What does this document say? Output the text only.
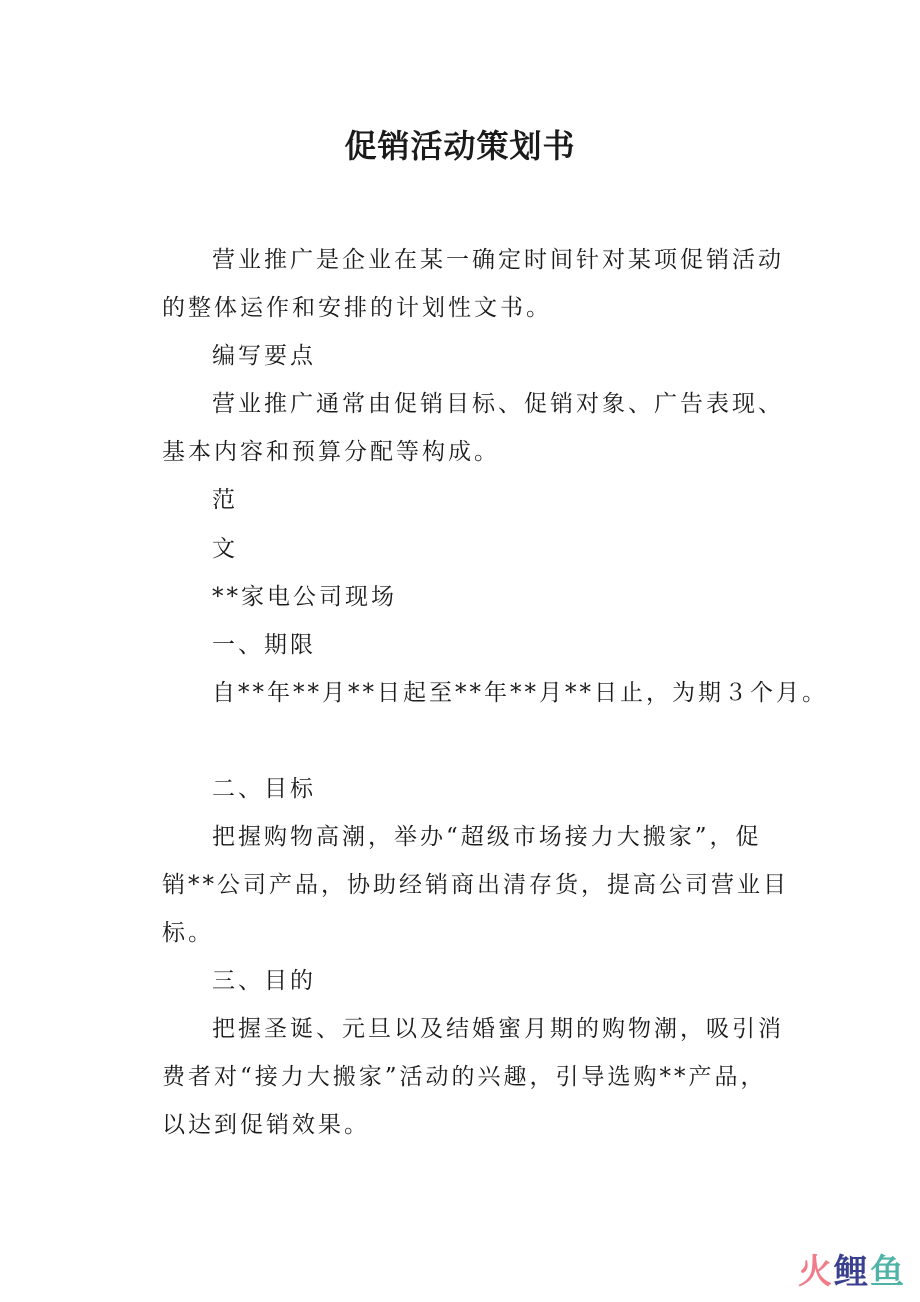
促销活动策划书

营业推广是企业在某一确定时间针对某项促销活动
的整体运作和安排的计划性文书。

编写要点

营业推广通常由促销目标、促销对象、广告表现、
基本内容和预算分配等构成。

范

文

**家电公司现场

一、期限

自**年**月**日起至**年**月**日止，为期３个月。

二、目标

把握购物高潮，举办“超级市场接力大搬家”，促
销**公司产品，协助经销商出清存货，提高公司营业目
标。

三、目的

把握圣诞、元旦以及结婚蜜月期的购物潮，吸引消
费者对“接力大搬家”活动的兴趣，引导选购**产品，
以达到促销效果。

火鲤鱼
